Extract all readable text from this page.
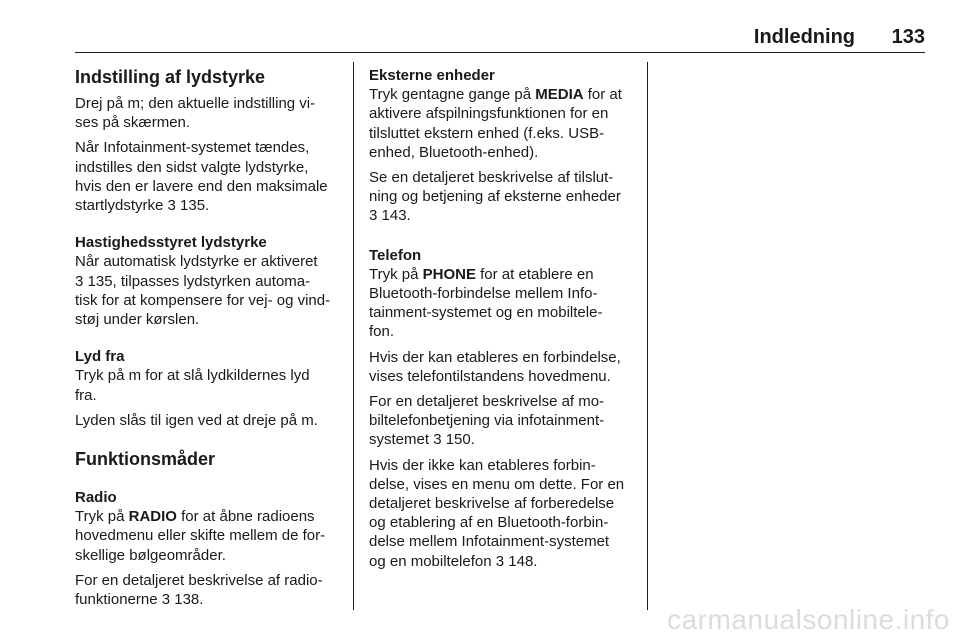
Indledning 133
Indstilling af lydstyrke

Drej på m; den aktuelle indstilling vi-
ses på skærmen.

Når Infotainment-systemet tændes,
indstilles den sidst valgte lydstyrke,
hvis den er lavere end den maksimale
startlydstyrke 3 135.

Hastighedsstyret lydstyrke

Når automatisk lydstyrke er aktiveret
3 135, tilpasses lydstyrken automa-
tisk for at kompensere for vej- og vind-
støj under kørslen.

Lyd fra

Tryk på m for at slå lydkildernes lyd
fra.

Lyden slås til igen ved at dreje på m.

Funktionsmåder
Radio

Tryk på RADIO for at åbne radioens
hovedmenu eller skifte mellem de for-
skellige bølgeområder.

For en detaljeret beskrivelse af radio-
funktionerne 3 138.

Eksterne enheder

Tryk gentagne gange på MEDIA for at
aktivere afspilningsfunktionen for en
tilsluttet ekstern enhed (f.eks. USB-
enhed, Bluetooth-enhed).

Se en detaljeret beskrivelse af tilslut-
ning og betjening af eksterne enheder
3 143.

Telefon

Tryk på PHONE for at etablere en
Bluetooth-forbindelse mellem Info-
tainment-systemet og en mobiltele-
fon.

Hvis der kan etableres en forbindelse,
vises telefontilstandens hovedmenu.

For en detaljeret beskrivelse af mo-
biltelefonbetjening via infotainment-
systemet 3 150.

Hvis der ikke kan etableres forbin-
delse, vises en menu om dette. For en
detaljeret beskrivelse af forberedelse
og etablering af en Bluetooth-forbin-
delse mellem Infotainment-systemet
og en mobiltelefon 3 148.

carmanualsonline.info
